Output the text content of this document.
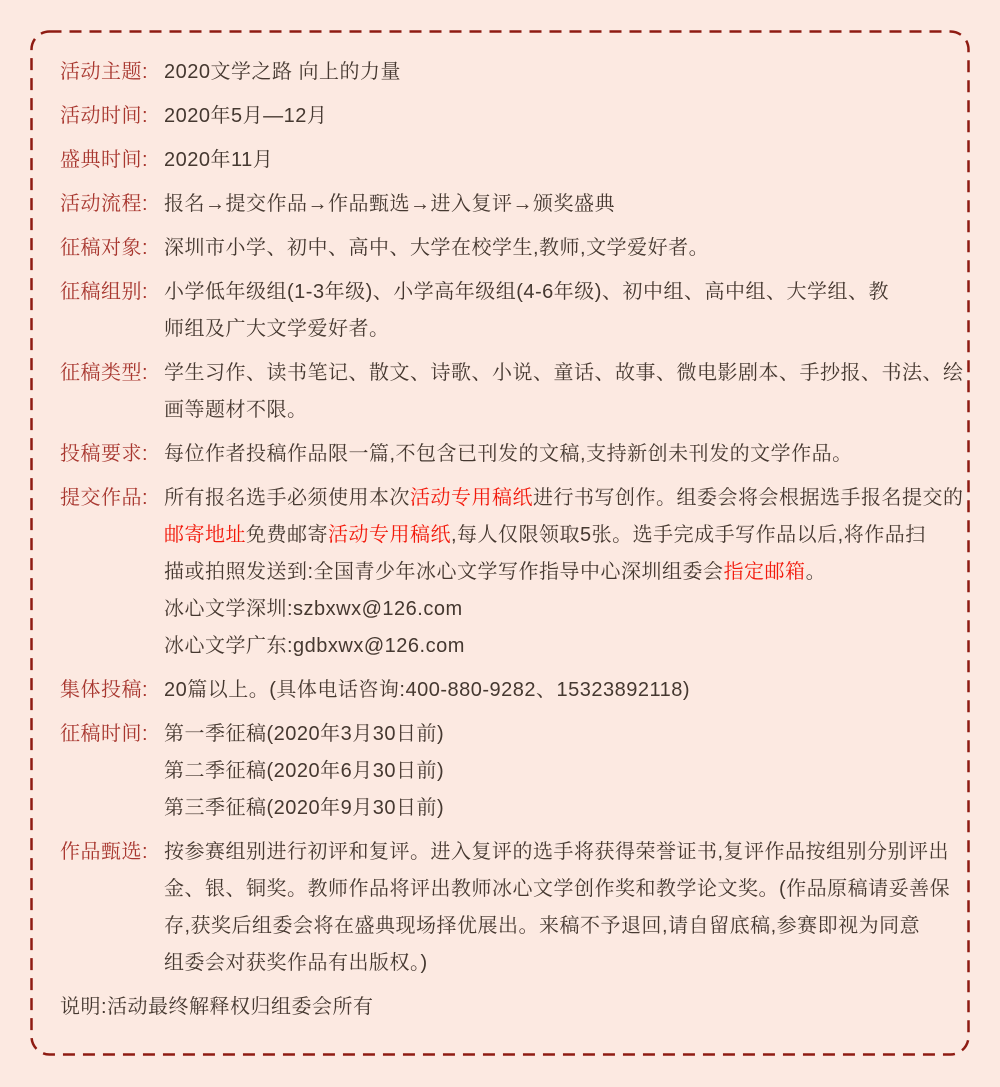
活动主题: 2020文学之路 向上的力量
活动时间: 2020年5月—12月
盛典时间: 2020年11月
活动流程: 报名→提交作品→作品甄选→进入复评→颁奖盛典
征稿对象: 深圳市小学、初中、高中、大学在校学生,教师,文学爱好者。
征稿组别: 小学低年级组(1-3年级)、小学高年级组(4-6年级)、初中组、高中组、大学组、教
师组及广大文学爱好者。
征稿类型: 学生习作、读书笔记、散文、诗歌、小说、童话、故事、微电影剧本、手抄报、书法、绘
画等题材不限。
投稿要求: 每位作者投稿作品限一篇,不包含已刊发的文稿,支持新创未刊发的文学作品。
提交作品: 所有报名选手必须使用本次活动专用稿纸进行书写创作。组委会将会根据选手报名提交的
邮寄地址免费邮寄活动专用稿纸,每人仅限领取5张。选手完成手写作品以后,将作品扫
描或拍照发送到:全国青少年冰心文学写作指导中心深圳组委会指定邮箱。
冰心文学深圳:szbxwx@126.com
冰心文学广东:gdbxwx@126.com
集体投稿: 20篇以上。(具体电话咨询:400-880-9282、15323892118)
征稿时间: 第一季征稿(2020年3月30日前)
第二季征稿(2020年6月30日前)
第三季征稿(2020年9月30日前)
作品甄选: 按参赛组别进行初评和复评。进入复评的选手将获得荣誉证书,复评作品按组别分别评出
金、银、铜奖。教师作品将评出教师冰心文学创作奖和教学论文奖。(作品原稿请妥善保
存,获奖后组委会将在盛典现场择优展出。来稿不予退回,请自留底稿,参赛即视为同意
组委会对获奖作品有出版权。)
说明: 活动最终解释权归组委会所有
